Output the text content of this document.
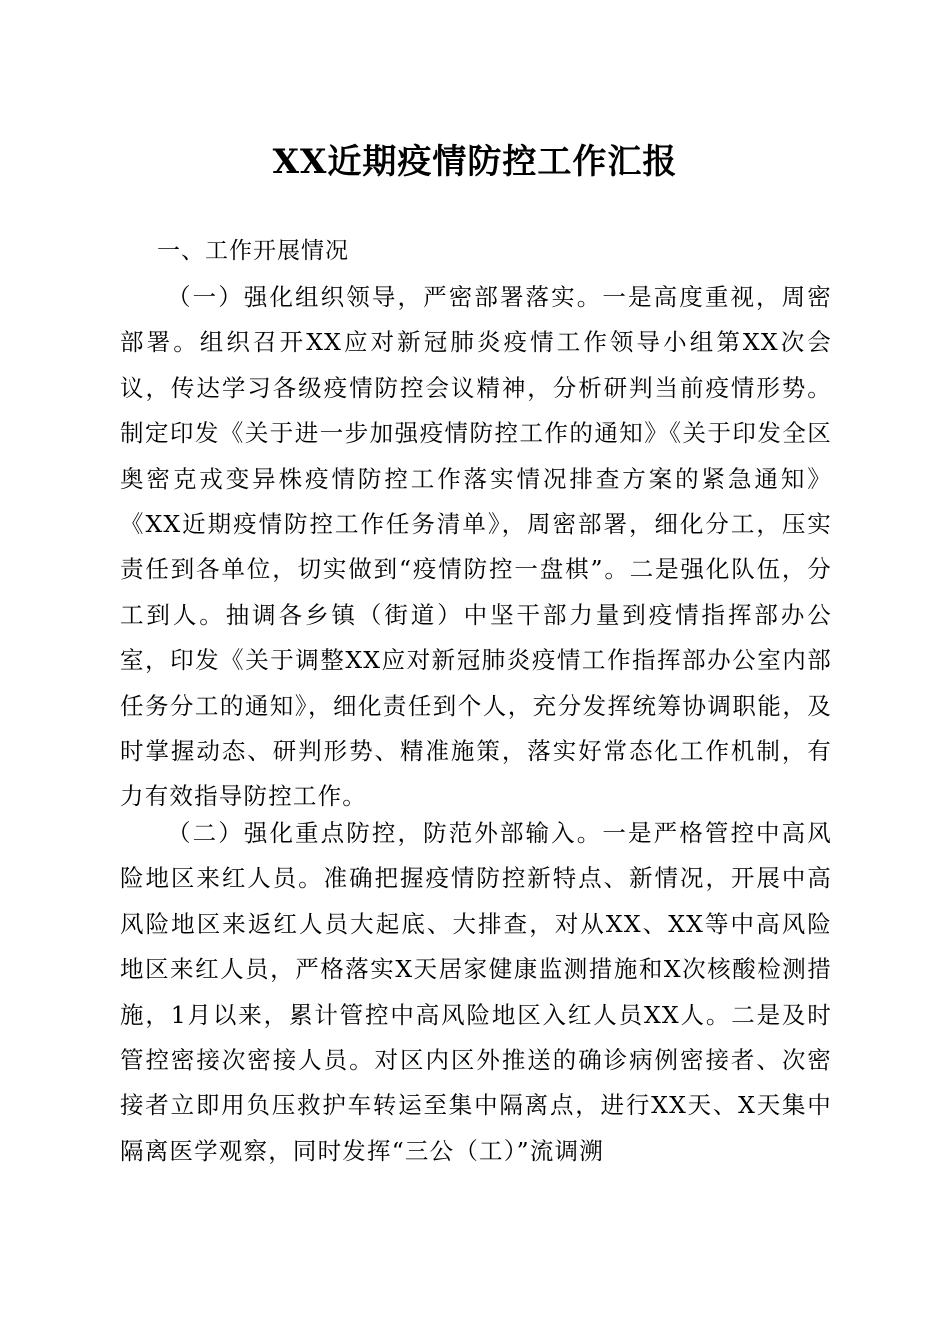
XX近期疫情防控工作汇报
一、工作开展情况

（一）强化组织领导，严密部署落实。一是高度重视，周密部署。组织召开XX应对新冠肺炎疫情工作领导小组第XX次会议，传达学习各级疫情防控会议精神，分析研判当前疫情形势。制定印发《关于进一步加强疫情防控工作的通知》《关于印发全区奥密克戎变异株疫情防控工作落实情况排查方案的紧急通知》《XX近期疫情防控工作任务清单》，周密部署，细化分工，压实责任到各单位，切实做到“疫情防控一盘棋”。二是强化队伍，分工到人。抽调各乡镇（街道）中坚干部力量到疫情指挥部办公室，印发《关于调整XX应对新冠肺炎疫情工作指挥部办公室内部任务分工的通知》，细化责任到个人，充分发挥统筹协调职能，及时掌握动态、研判形势、精准施策，落实好常态化工作机制，有力有效指导防控工作。

（二）强化重点防控，防范外部输入。一是严格管控中高风险地区来红人员。准确把握疫情防控新特点、新情况，开展中高风险地区来返红人员大起底、大排查，对从XX、XX等中高风险地区来红人员，严格落实X天居家健康监测措施和X次核酸检测措施，1月以来，累计管控中高风险地区入红人员XX人。二是及时管控密接次密接人员。对区内区外推送的确诊病例密接者、次密接者立即用负压救护车转运至集中隔离点，进行XX天、X天集中隔离医学观察，同时发挥“三公（工）”流调溯
